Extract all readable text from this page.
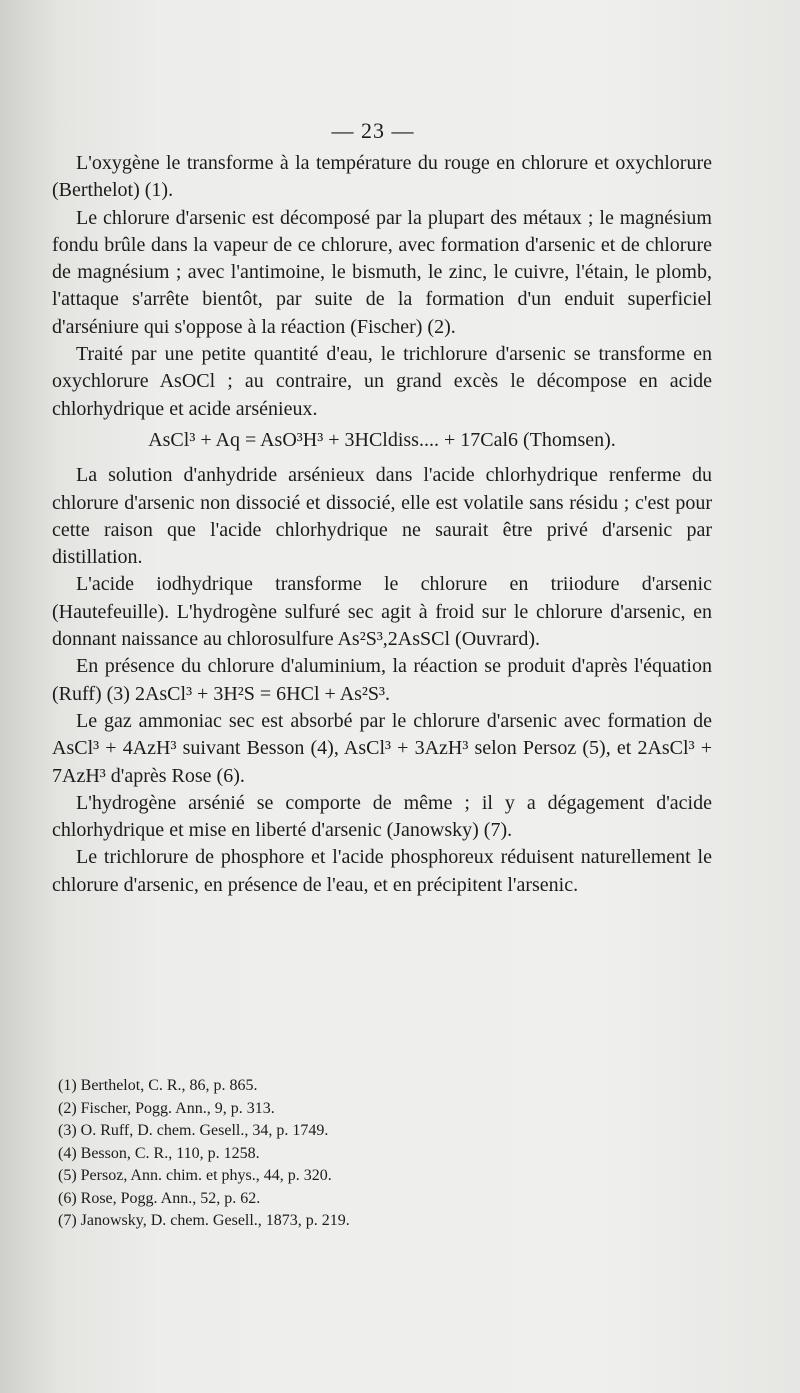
— 23 —

L'oxygène le transforme à la température du rouge en chlorure et oxychlorure (Berthelot) (1).

Le chlorure d'arsenic est décomposé par la plupart des métaux ; le magnésium fondu brûle dans la vapeur de ce chlorure, avec formation d'arsenic et de chlorure de magnésium ; avec l'antimoine, le bismuth, le zinc, le cuivre, l'étain, le plomb, l'attaque s'arrête bientôt, par suite de la formation d'un enduit superficiel d'arséniure qui s'oppose à la réaction (Fischer) (2).

Traité par une petite quantité d'eau, le trichlorure d'arsenic se transforme en oxychlorure AsOCl ; au contraire, un grand excès le décompose en acide chlorhydrique et acide arsénieux.

AsCl³ + Aq = AsO³H³ + 3HCldiss.... + 17Cal6 (Thomsen).

La solution d'anhydride arsénieux dans l'acide chlorhydrique renferme du chlorure d'arsenic non dissocié et dissocié, elle est volatile sans résidu ; c'est pour cette raison que l'acide chlorhydrique ne saurait être privé d'arsenic par distillation.

L'acide iodhydrique transforme le chlorure en triiodure d'arsenic (Hautefeuille). L'hydrogène sulfuré sec agit à froid sur le chlorure d'arsenic, en donnant naissance au chlorosulfure As²S³,2AsSCl (Ouvrard).

En présence du chlorure d'aluminium, la réaction se produit d'après l'équation (Ruff) (3) 2AsCl³ + 3H²S = 6HCl + As²S³.

Le gaz ammoniac sec est absorbé par le chlorure d'arsenic avec formation de AsCl³ + 4AzH³ suivant Besson (4), AsCl³ + 3AzH³ selon Persoz (5), et 2AsCl³ + 7AzH³ d'après Rose (6).

L'hydrogène arsénié se comporte de même ; il y a dégagement d'acide chlorhydrique et mise en liberté d'arsenic (Janowsky) (7).

Le trichlorure de phosphore et l'acide phosphoreux réduisent naturellement le chlorure d'arsenic, en présence de l'eau, et en précipitent l'arsenic.

(1) Berthelot, C. R., 86, p. 865.

(2) Fischer, Pogg. Ann., 9, p. 313.

(3) O. Ruff, D. chem. Gesell., 34, p. 1749.

(4) Besson, C. R., 110, p. 1258.

(5) Persoz, Ann. chim. et phys., 44, p. 320.

(6) Rose, Pogg. Ann., 52, p. 62.

(7) Janowsky, D. chem. Gesell., 1873, p. 219.
